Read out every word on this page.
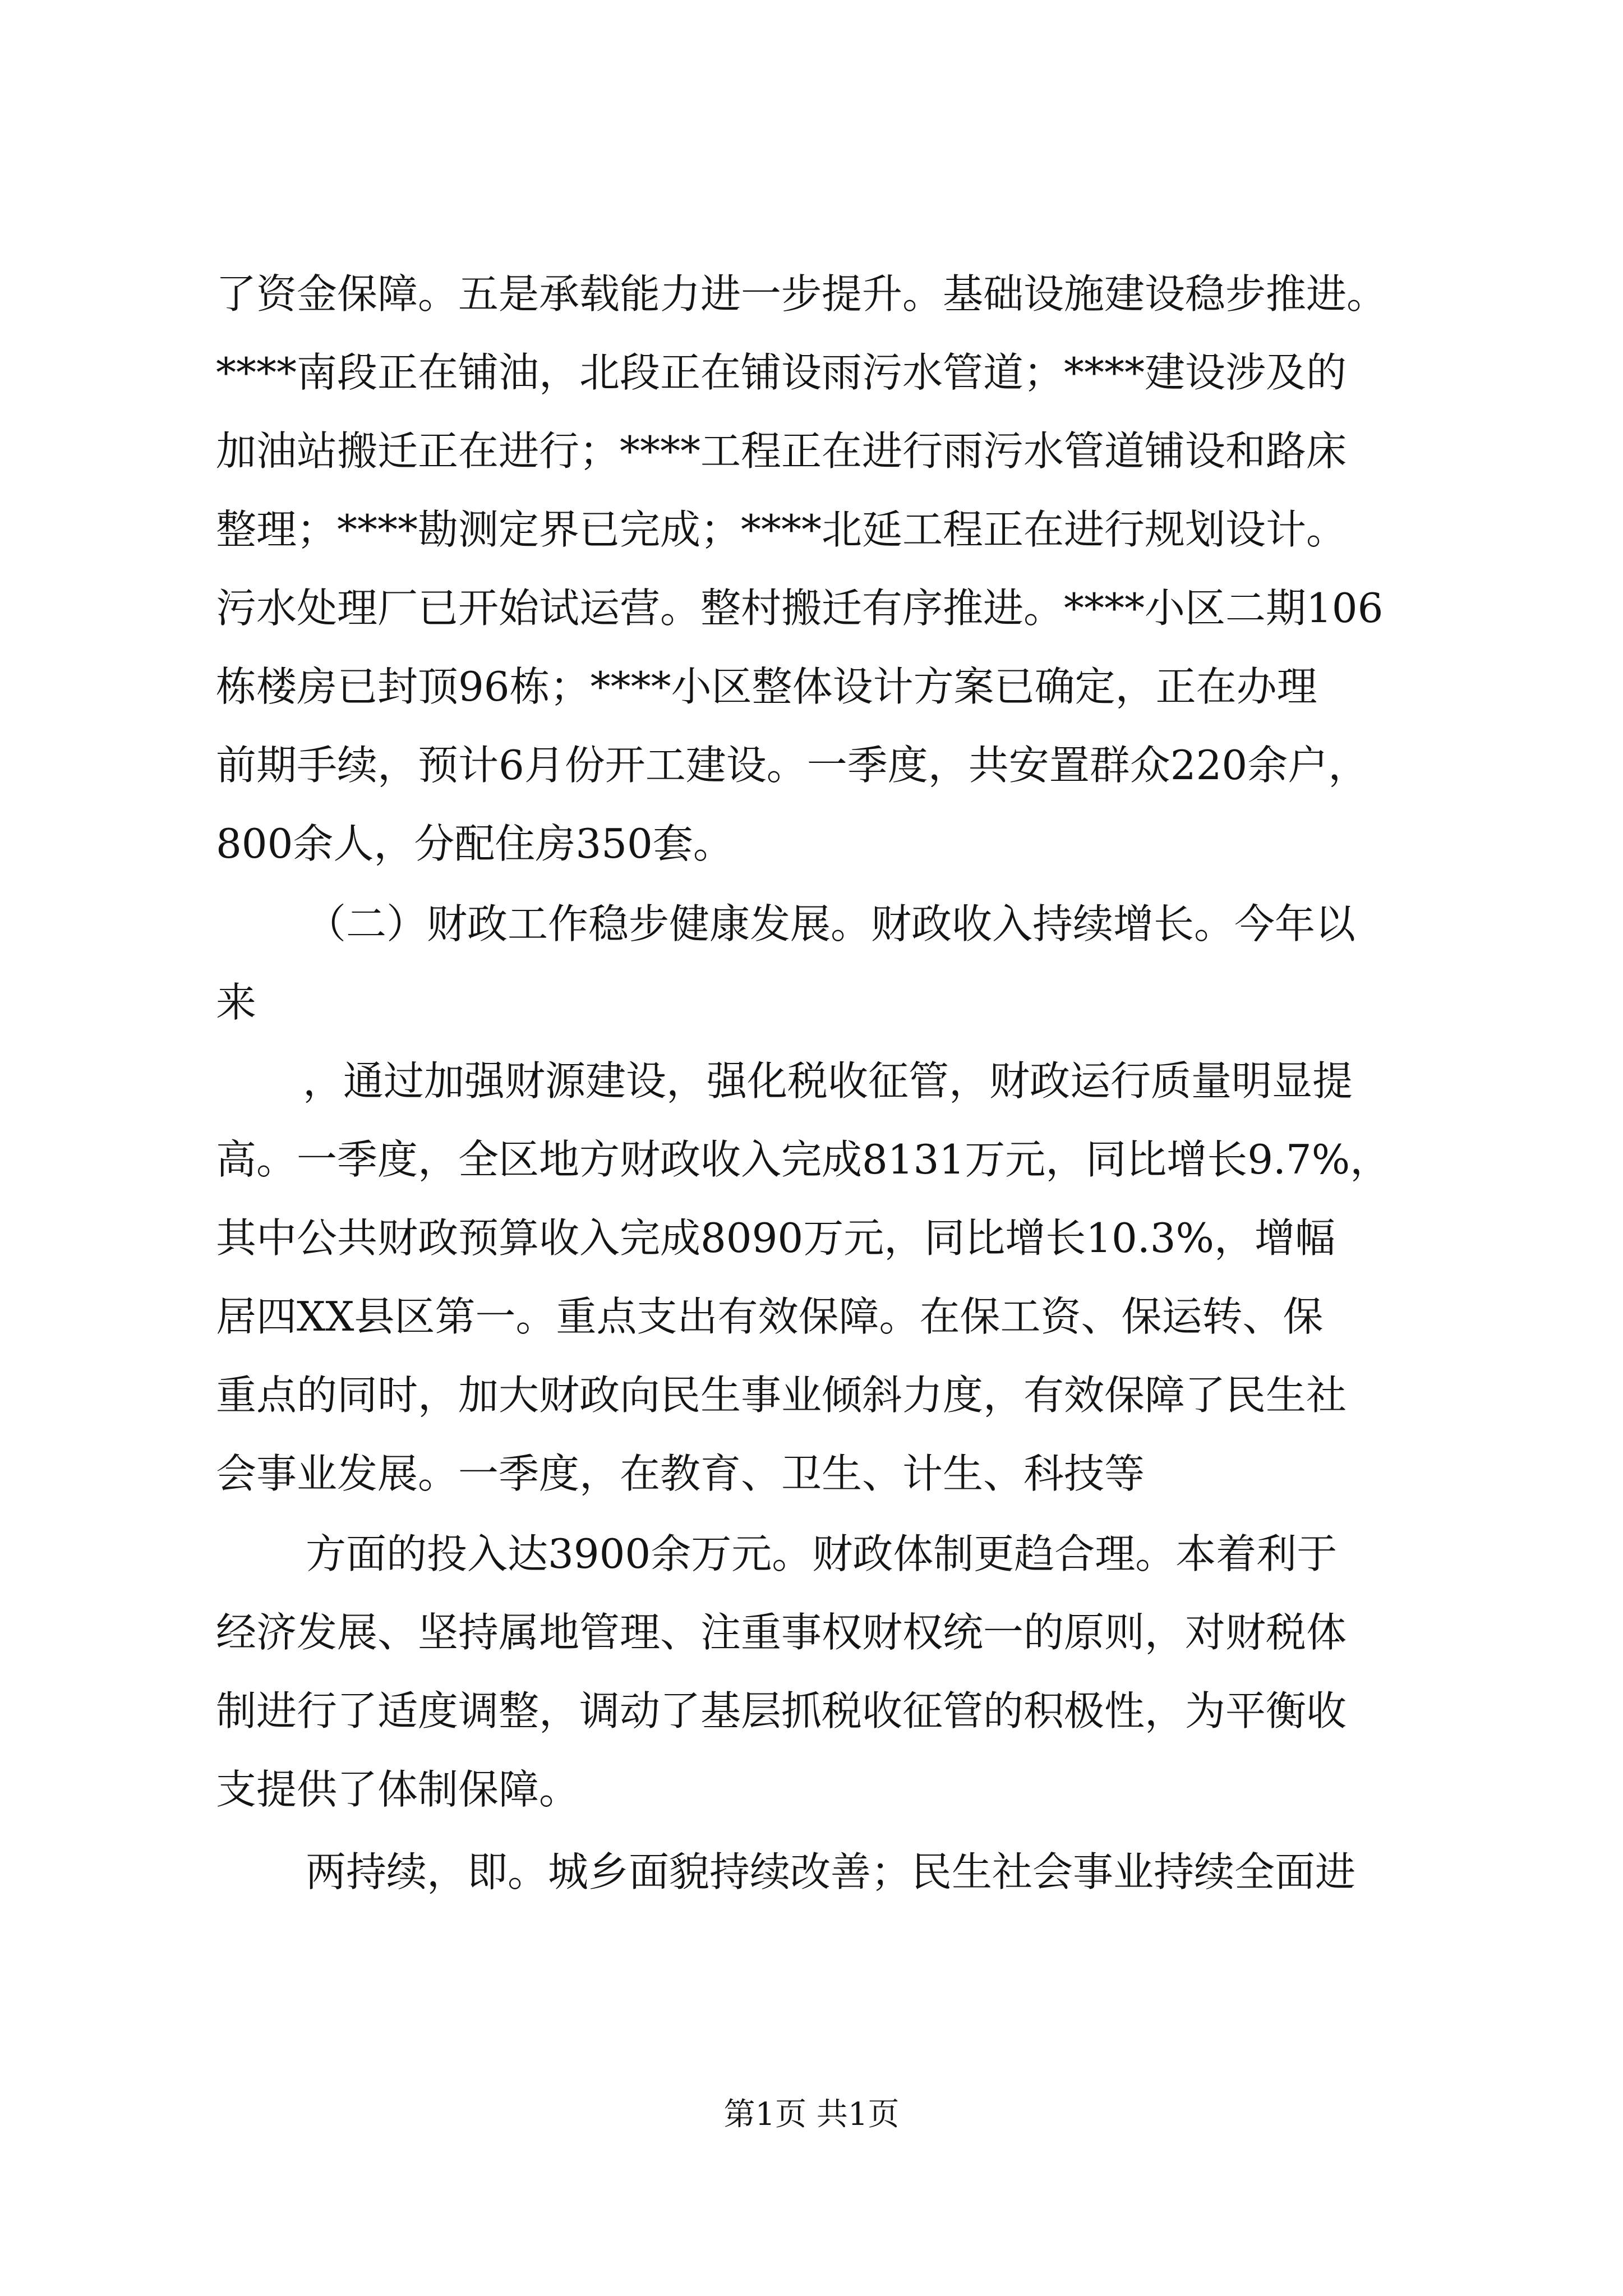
了资金保障。五是承载能力进一步提升。基础设施建设稳步推进。
****南段正在铺油，北段正在铺设雨污水管道；****建设涉及的
加油站搬迁正在进行；****工程正在进行雨污水管道铺设和路床
整理；****勘测定界已完成；****北延工程正在进行规划设计。
污水处理厂已开始试运营。整村搬迁有序推进。****小区二期106
栋楼房已封顶96栋；****小区整体设计方案已确定，正在办理
前期手续，预计6月份开工建设。一季度，共安置群众220余户，
800余人，分配住房350套。
（二）财政工作稳步健康发展。财政收入持续增长。今年以
来
，通过加强财源建设，强化税收征管，财政运行质量明显提
高。一季度，全区地方财政收入完成8131万元，同比增长9.7%，
其中公共财政预算收入完成8090万元，同比增长10.3%，增幅
居四XX县区第一。重点支出有效保障。在保工资、保运转、保
重点的同时，加大财政向民生事业倾斜力度，有效保障了民生社
会事业发展。一季度，在教育、卫生、计生、科技等
方面的投入达3900余万元。财政体制更趋合理。本着利于
经济发展、坚持属地管理、注重事权财权统一的原则，对财税体
制进行了适度调整，调动了基层抓税收征管的积极性，为平衡收
支提供了体制保障。
两持续，即。城乡面貌持续改善；民生社会事业持续全面进
第1页 共1页
